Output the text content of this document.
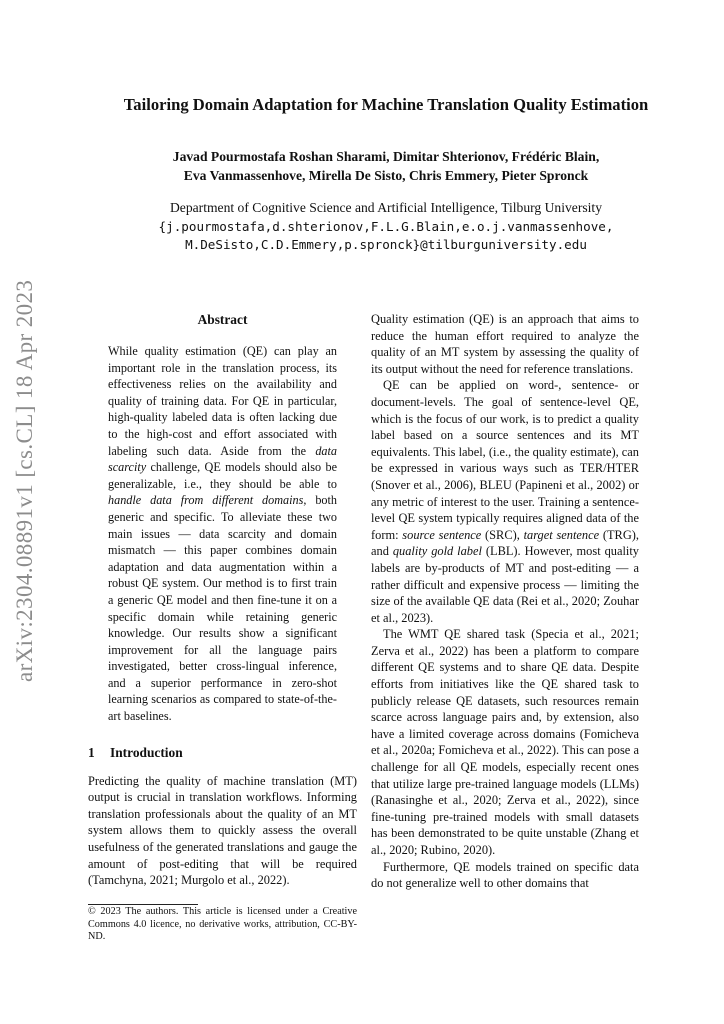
arXiv:2304.08891v1 [cs.CL] 18 Apr 2023
Tailoring Domain Adaptation for Machine Translation Quality Estimation
Javad Pourmostafa Roshan Sharami, Dimitar Shterionov, Frédéric Blain,
Eva Vanmassenhove, Mirella De Sisto, Chris Emmery, Pieter Spronck
Department of Cognitive Science and Artificial Intelligence, Tilburg University
{j.pourmostafa,d.shterionov,F.L.G.Blain,e.o.j.vanmassenhove,
M.DeSisto,C.D.Emmery,p.spronck}@tilburguniversity.edu
Abstract

While quality estimation (QE) can play an important role in the translation process, its effectiveness relies on the availability and quality of training data. For QE in particular, high-quality labeled data is often lacking due to the high-cost and effort associated with labeling such data. Aside from the data scarcity challenge, QE models should also be generalizable, i.e., they should be able to handle data from different domains, both generic and specific. To alleviate these two main issues — data scarcity and domain mismatch — this paper combines domain adaptation and data augmentation within a robust QE system. Our method is to first train a generic QE model and then fine-tune it on a specific domain while retaining generic knowledge. Our results show a significant improvement for all the language pairs investigated, better cross-lingual inference, and a superior performance in zero-shot learning scenarios as compared to state-of-the-art baselines.

1 Introduction

Predicting the quality of machine translation (MT) output is crucial in translation workflows. Informing translation professionals about the quality of an MT system allows them to quickly assess the overall usefulness of the generated translations and gauge the amount of post-editing that will be required (Tamchyna, 2021; Murgolo et al., 2022).

© 2023 The authors. This article is licensed under a Creative Commons 4.0 licence, no derivative works, attribution, CC-BY-ND.

Quality estimation (QE) is an approach that aims to reduce the human effort required to analyze the quality of an MT system by assessing the quality of its output without the need for reference translations.

QE can be applied on word-, sentence- or document-levels. The goal of sentence-level QE, which is the focus of our work, is to predict a quality label based on a source sentences and its MT equivalents. This label, (i.e., the quality estimate), can be expressed in various ways such as TER/HTER (Snover et al., 2006), BLEU (Papineni et al., 2002) or any metric of interest to the user. Training a sentence-level QE system typically requires aligned data of the form: source sentence (SRC), target sentence (TRG), and quality gold label (LBL). However, most quality labels are by-products of MT and post-editing — a rather difficult and expensive process — limiting the size of the available QE data (Rei et al., 2020; Zouhar et al., 2023).

The WMT QE shared task (Specia et al., 2021; Zerva et al., 2022) has been a platform to compare different QE systems and to share QE data. Despite efforts from initiatives like the QE shared task to publicly release QE datasets, such resources remain scarce across language pairs and, by extension, also have a limited coverage across domains (Fomicheva et al., 2020a; Fomicheva et al., 2022). This can pose a challenge for all QE models, especially recent ones that utilize large pre-trained language models (LLMs) (Ranasinghe et al., 2020; Zerva et al., 2022), since fine-tuning pre-trained models with small datasets has been demonstrated to be quite unstable (Zhang et al., 2020; Rubino, 2020).

Furthermore, QE models trained on specific data do not generalize well to other domains that
